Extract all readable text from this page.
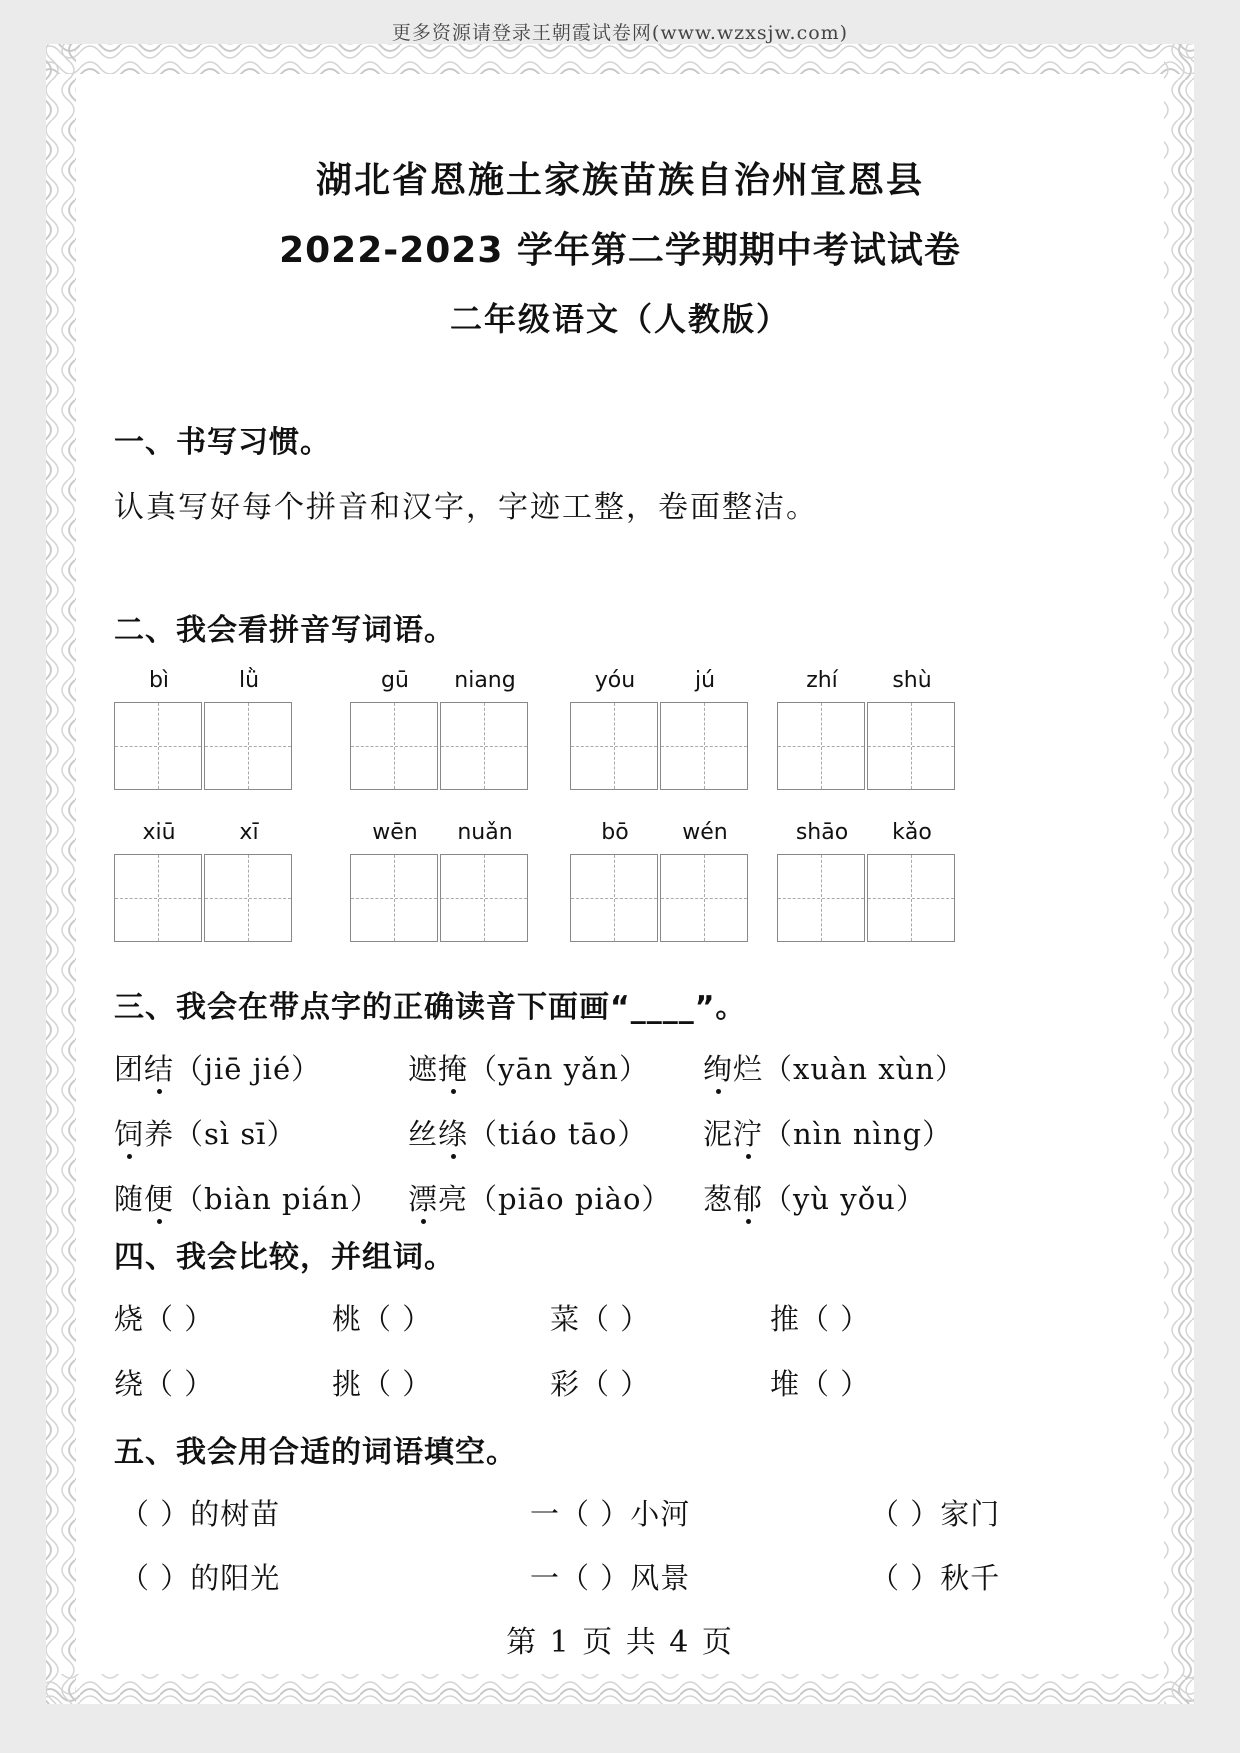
更多资源请登录王朝霞试卷网(www.wzxsjw.com)
湖北省恩施土家族苗族自治州宣恩县
2022-2023 学年第二学期期中考试试卷
二年级语文（人教版）
一、书写习惯。
认真写好每个拼音和汉字，字迹工整，卷面整洁。
二、我会看拼音写词语。
bì	lǜ	gū	niang	yóu	jú	zhí	shù
xiū	xī	wēn	nuǎn	bō	wén	shāo	kǎo
三、我会在带点字的正确读音下面画“____”。
团结（jiē jié）	遮掩（yān yǎn） 绚烂（xuàn xùn）
饲养（sì sī）	丝绦（tiáo tāo） 泥泞（nìn nìng）
随便（biàn pián） 漂亮（piāo piào） 葱郁（yù yǒu）
四、我会比较，并组词。
烧（ ）	桃（ ）	菜（ ）	推（ ）
绕（ ）	挑（ ）	彩（ ）	堆（ ）
五、我会用合适的词语填空。
（ ）的树苗	一（ ）小河	（ ）家门
（ ）的阳光	一（ ）风景	（ ）秋千
第 1 页 共 4 页
